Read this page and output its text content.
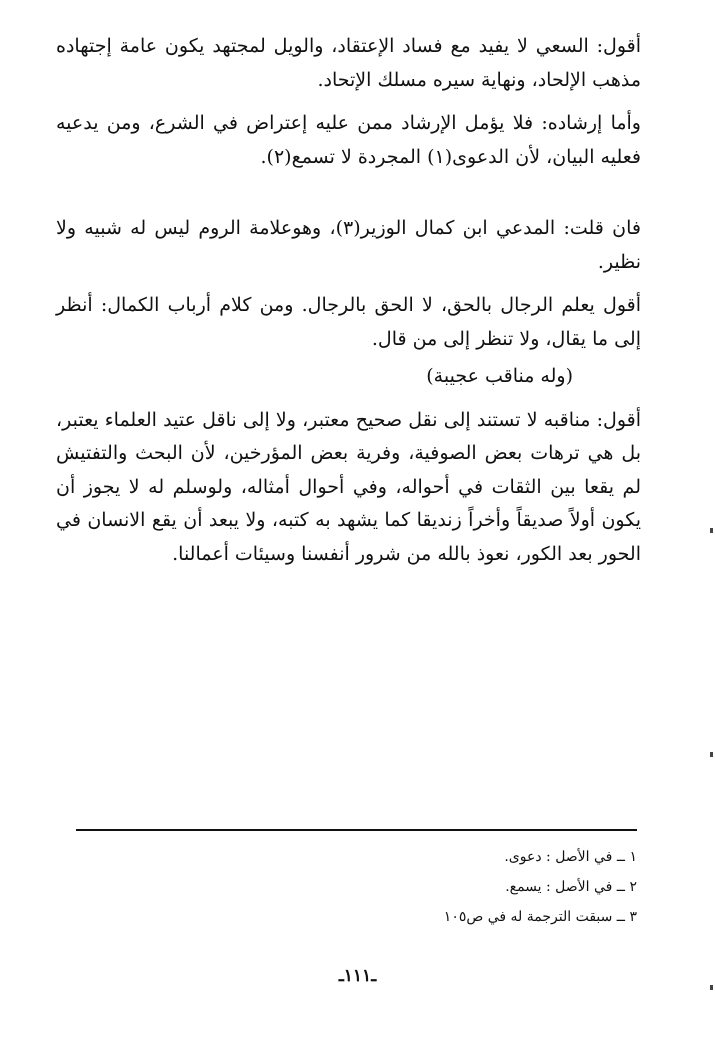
أقول: السعي لا يفيد مع فساد الإعتقاد، والويل لمجتهد يكون عامة إجتهاده مذهب الإلحاد، ونهاية سيره مسلك الإتحاد.

وأما إرشاده: فلا يؤمل الإرشاد ممن عليه إعتراض في الشرع، ومن يدعيه فعليه البيان، لأن الدعوى(١) المجردة لا تسمع(٢).

فان قلت: المدعي ابن كمال الوزير(٣)، وهوعلامة الروم ليس له شبيه ولا نظير.

أقول يعلم الرجال بالحق، لا الحق بالرجال. ومن كلام أرباب الكمال: أنظر إلى ما يقال، ولا تنظر إلى من قال.

(وله مناقب عجيبة)

أقول: مناقبه لا تستند إلى نقل صحيح معتبر، ولا إلى ناقل عتيد العلماء يعتبر، بل هي ترهات بعض الصوفية، وفرية بعض المؤرخين، لأن البحث والتفتيش لم يقعا بين الثقات في أحواله، وفي أحوال أمثاله، ولوسلم له لا يجوز أن يكون أولاً صديقاً وأخراً زنديقا كما يشهد به كتبه، ولا يبعد أن يقع الانسان في الحور بعد الكور، نعوذ بالله من شرور أنفسنا وسيئات أعمالنا.

١ ــ في الأصل : دعوى.

٢ ــ في الأصل : يسمع.

٣ ــ سبقت الترجمة له في ص١٠٥

ـ١١١ـ
